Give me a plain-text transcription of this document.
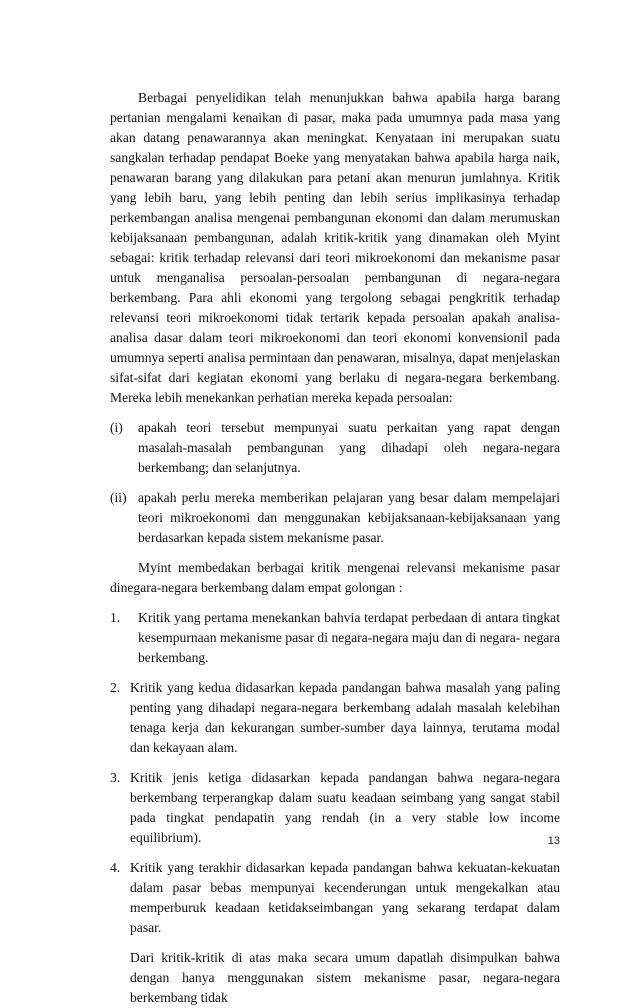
Berbagai penyelidikan telah menunjukkan bahwa apabila harga barang pertanian mengalami kenaikan di pasar, maka pada umumnya pada masa yang akan datang penawarannya akan meningkat. Kenyataan ini merupakan suatu sangkalan terhadap pendapat Boeke yang menyatakan bahwa apabila harga naik, penawaran barang yang dilakukan para petani akan menurun jumlahnya. Kritik yang lebih baru, yang lebih penting dan lebih serius implikasinya terhadap perkembangan analisa mengenai pembangunan ekonomi dan dalam merumuskan kebijaksanaan pembangunan, adalah kritik-kritik yang dinamakan oleh Myint sebagai: kritik terhadap relevansi dari teori mikroekonomi dan mekanisme pasar untuk menganalisa persoalan-persoalan pembangunan di negara-negara berkembang. Para ahli ekonomi yang tergolong sebagai pengkritik terhadap relevansi teori mikroekonomi tidak tertarik kepada persoalan apakah analisa-analisa dasar dalam teori mikroekonomi dan teori ekonomi konvensionil pada umumnya seperti analisa permintaan dan penawaran, misalnya, dapat menjelaskan sifat-sifat dari kegiatan ekonomi yang berlaku di negara-negara berkembang. Mereka lebih menekankan perhatian mereka kepada persoalan:

(i)	apakah teori tersebut mempunyai suatu perkaitan yang rapat dengan masalah-masalah pembangunan yang dihadapi oleh negara-negara berkembang; dan selanjutnya.
(ii) apakah perlu mereka memberikan pelajaran yang besar dalam mempelajari teori mikroekonomi dan menggunakan kebijaksanaan-kebijaksanaan yang berdasarkan kepada sistem mekanisme pasar.

Myint membedakan berbagai kritik mengenai relevansi mekanisme pasar dinegara-negara berkembang dalam empat golongan :

1.	Kritik yang pertama menekankan bahvia terdapat perbedaan di antara tingkat kesempurnaan mekanisme pasar di negara-negara maju dan di negara- negara berkembang.
2. Kritik yang kedua didasarkan kepada pandangan bahwa masalah yang paling penting yang dihadapi negara-negara berkembang adalah masalah kelebihan tenaga kerja dan kekurangan sumber-sumber daya lainnya, terutama modal dan kekayaan alam.
3. Kritik jenis ketiga didasarkan kepada pandangan bahwa negara-negara berkembang terperangkap dalam suatu keadaan seimbang yang sangat stabil pada tingkat pendapatin yang rendah (in a very stable low income equilibrium).
4. Kritik yang terakhir didasarkan kepada pandangan bahwa kekuatan-kekuatan dalam pasar bebas mempunyai kecenderungan untuk mengekalkan atau memperburuk keadaan ketidakseimbangan yang sekarang terdapat dalam pasar.

Dari kritik-kritik di atas maka secara umum dapatlah disimpulkan bahwa dengan hanya menggunakan sistem mekanisme pasar, negara-negara berkembang tidak

13
